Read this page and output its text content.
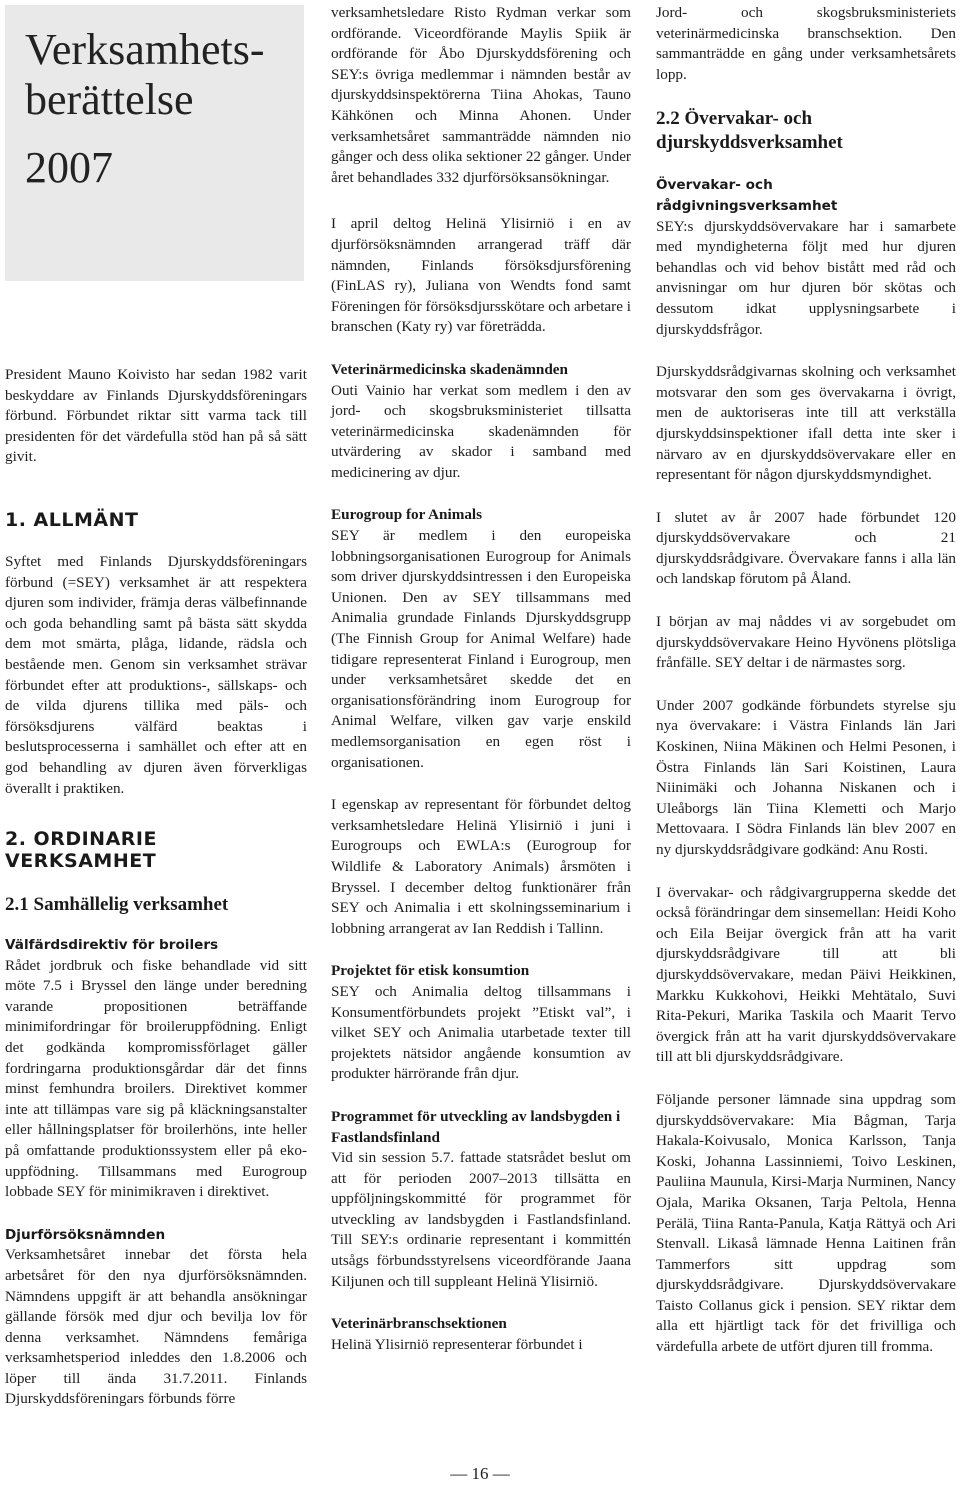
Verksamhets-
berättelse
2007

President Mauno Koivisto har sedan 1982 varit beskyddare av Finlands Djurskyddsföreningars förbund. Förbundet riktar sitt varma tack till presidenten för det värdefulla stöd han på så sätt givit.

1. ALLMÄNT

Syftet med Finlands Djurskyddsföreningars förbund (=SEY) verksamhet är att respektera djuren som individer, främja deras välbefinnande och goda behandling samt på bästa sätt skydda dem mot smärta, plåga, lidande, rädsla och bestående men. Genom sin verksamhet strävar förbundet efter att produktions-, sällskaps- och de vilda djurens tillika med päls- och försöksdjurens välfärd beaktas i beslutsprocesserna i samhället och efter att en god behandling av djuren även förverkligas överallt i praktiken.

2. ORDINARIE
VERKSAMHET
2.1 Samhällelig verksamhet
Välfärdsdirektiv för broilers

Rådet jordbruk och fiske behandlade vid sitt möte 7.5 i Bryssel den länge under beredning varande propositionen beträffande minimifordringar för broileruppfödning. Enligt det godkända kompromissförlaget gäller fordringarna produktionsgårdar där det finns minst femhundra broilers. Direktivet kommer inte att tillämpas vare sig på kläckningsanstalter eller hållningsplatser för broilerhöns, inte heller på omfattande produktionssystem eller på eko-uppfödning. Tillsammans med Eurogroup lobbade SEY för minimikraven i direktivet.

Djurförsöksnämnden

Verksamhetsåret innebar det första hela arbetsåret för den nya djurförsöksnämnden. Nämndens uppgift är att behandla ansökningar gällande försök med djur och bevilja lov för denna verksamhet. Nämndens femåriga verksamhetsperiod inleddes den 1.8.2006 och löper till ända 31.7.2011. Finlands Djurskyddsföreningars förbunds förre

verksamhetsledare Risto Rydman verkar som ordförande. Viceordförande Maylis Spiik är ordförande för Åbo Djurskyddsförening och SEY:s övriga medlemmar i nämnden består av djurskyddsinspektörerna Tiina Ahokas, Tauno Kähkönen och Minna Ahonen. Under verksamhetsåret sammanträdde nämnden nio gånger och dess olika sektioner 22 gånger. Under året behandlades 332 djurförsöksansökningar.

I april deltog Helinä Ylisirniö i en av djurförsöksnämnden arrangerad träff där nämnden, Finlands försöksdjursförening (FinLAS ry), Juliana von Wendts fond samt Föreningen för försöksdjursskötare och arbetare i branschen (Katy ry) var företrädda.

Veterinärmedicinska skadenämnden

Outi Vainio har verkat som medlem i den av jord- och skogsbruksministeriet tillsatta veterinärmedicinska skadenämnden för utvärdering av skador i samband med medicinering av djur.

Eurogroup for Animals

SEY är medlem i den europeiska lobbningsorganisationen Eurogroup for Animals som driver djurskyddsintressen i den Europeiska Unionen. Den av SEY tillsammans med Animalia grundade Finlands Djurskyddsgrupp (The Finnish Group for Animal Welfare) hade tidigare representerat Finland i Eurogroup, men under verksamhetsåret skedde det en organisationsförändring inom Eurogroup for Animal Welfare, vilken gav varje enskild medlemsorganisation en egen röst i organisationen.

I egenskap av representant för förbundet deltog verksamhetsledare Helinä Ylisirniö i juni i Eurogroups och EWLA:s (Eurogroup for Wildlife & Laboratory Animals) årsmöten i Bryssel. I december deltog funktionärer från SEY och Animalia i ett skolningsseminarium i lobbning arrangerat av Ian Reddish i Tallinn.

Projektet för etisk konsumtion

SEY och Animalia deltog tillsammans i Konsumentförbundets projekt ”Etiskt val”, i vilket SEY och Animalia utarbetade texter till projektets nätsidor angående konsumtion av produkter härrörande från djur.

Programmet för utveckling av landsbygden i Fastlandsfinland

Vid sin session 5.7. fattade statsrådet beslut om att för perioden 2007–2013 tillsätta en uppföljningskommitté för programmet för utveckling av landsbygden i Fastlandsfinland. Till SEY:s ordinarie representant i kommittén utsågs förbundsstyrelsens viceordförande Jaana Kiljunen och till suppleant Helinä Ylisirniö.

Veterinärbranschsektionen

Helinä Ylisirniö representerar förbundet i

Jord- och skogsbruksministeriets veterinärmedicinska branschsektion. Den sammanträdde en gång under verksamhetsårets lopp.

2.2 Övervakar- och
djurskyddsverksamhet
Övervakar- och rådgivningsverksamhet

SEY:s djurskyddsövervakare har i samarbete med myndigheterna följt med hur djuren behandlas och vid behov bistått med råd och anvisningar om hur djuren bör skötas och dessutom idkat upplysningsarbete i djurskyddsfrågor.

Djurskyddsrådgivarnas skolning och verksamhet motsvarar den som ges övervakarna i övrigt, men de auktoriseras inte till att verkställa djurskyddsinspektioner ifall detta inte sker i närvaro av en djurskyddsövervakare eller en representant för någon djurskyddsmyndighet.

I slutet av år 2007 hade förbundet 120 djurskyddsövervakare och 21 djurskyddsrådgivare. Övervakare fanns i alla län och landskap förutom på Åland.

I början av maj nåddes vi av sorgebudet om djurskyddsövervakare Heino Hyvönens plötsliga frånfälle. SEY deltar i de närmastes sorg.

Under 2007 godkände förbundets styrelse sju nya övervakare: i Västra Finlands län Jari Koskinen, Niina Mäkinen och Helmi Pesonen, i Östra Finlands län Sari Koistinen, Laura Niinimäki och Johanna Niskanen och i Uleåborgs län Tiina Klemetti och Marjo Mettovaara. I Södra Finlands län blev 2007 en ny djurskyddsrådgivare godkänd: Anu Rosti.

I övervakar- och rådgivargrupperna skedde det också förändringar dem sinsemellan: Heidi Koho och Eila Beijar övergick från att ha varit djurskyddsrådgivare till att bli djurskyddsövervakare, medan Päivi Heikkinen, Markku Kukkohovi, Heikki Mehtätalo, Suvi Rita-Pekuri, Marika Taskila och Maarit Tervo övergick från att ha varit djurskyddsövervakare till att bli djurskyddsrådgivare.

Följande personer lämnade sina uppdrag som djurskyddsövervakare: Mia Bågman, Tarja Hakala-Koivusalo, Monica Karlsson, Tanja Koski, Johanna Lassinniemi, Toivo Leskinen, Pauliina Maunula, Kirsi-Marja Nurminen, Nancy Ojala, Marika Oksanen, Tarja Peltola, Henna Perälä, Tiina Ranta-Panula, Katja Rättyä och Ari Stenvall. Likaså lämnade Henna Laitinen från Tammerfors sitt uppdrag som djurskyddsrådgivare. Djurskyddsövervakare Taisto Collanus gick i pension. SEY riktar dem alla ett hjärtligt tack för det frivilliga och värdefulla arbete de utfört djuren till fromma.

— 16 —
